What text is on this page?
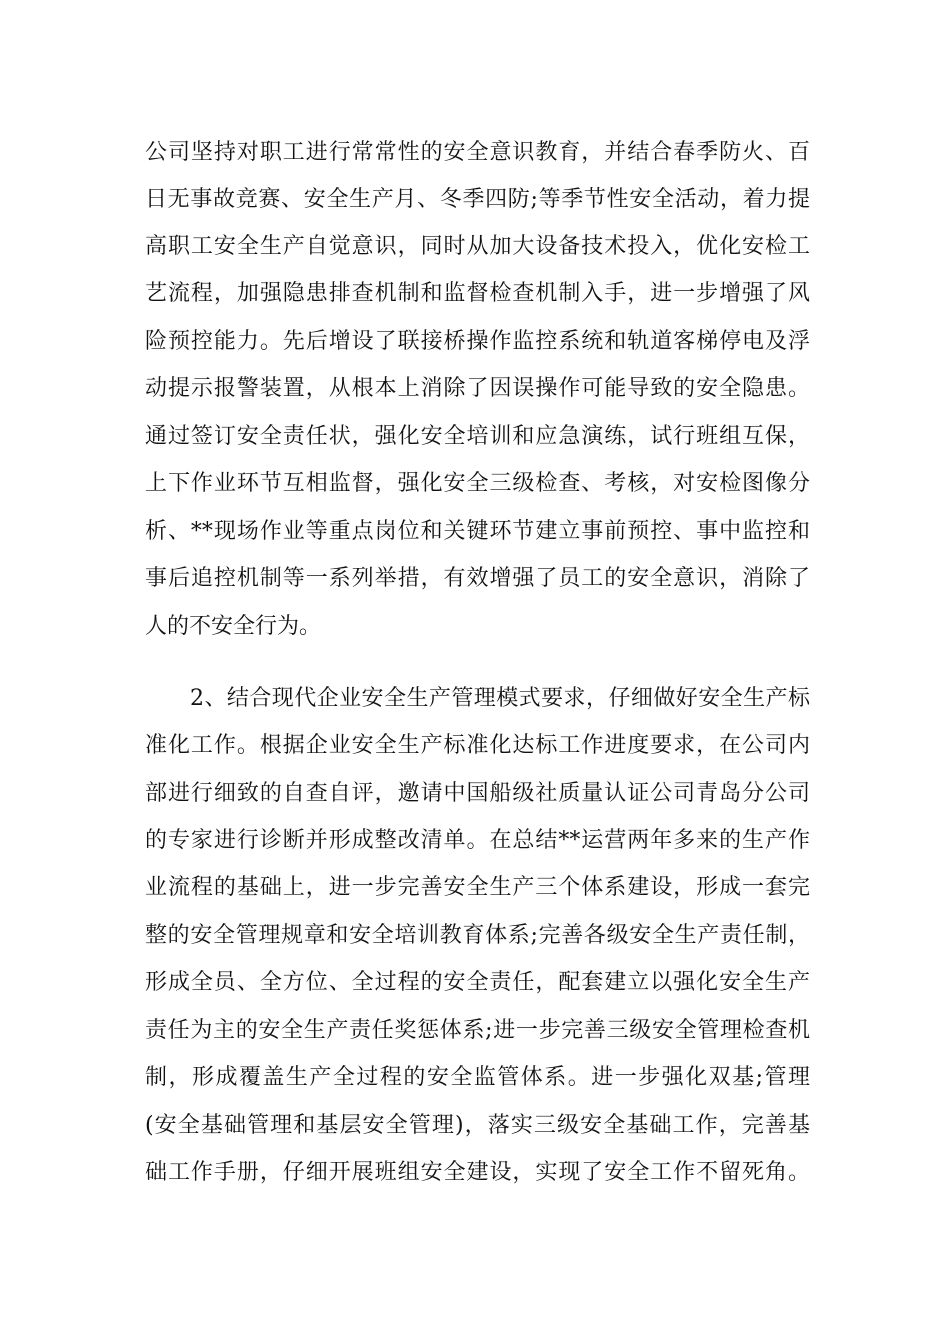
公司坚持对职工进行常常性的安全意识教育，并结合春季防火、百
日无事故竞赛、安全生产月、冬季四防;等季节性安全活动，着力提
高职工安全生产自觉意识，同时从加大设备技术投入，优化安检工
艺流程，加强隐患排查机制和监督检查机制入手，进一步增强了风
险预控能力。先后增设了联接桥操作监控系统和轨道客梯停电及浮
动提示报警装置，从根本上消除了因误操作可能导致的安全隐患。
通过签订安全责任状，强化安全培训和应急演练，试行班组互保，
上下作业环节互相监督，强化安全三级检查、考核，对安检图像分
析、**现场作业等重点岗位和关键环节建立事前预控、事中监控和
事后追控机制等一系列举措，有效增强了员工的安全意识，消除了
人的不安全行为。
2、结合现代企业安全生产管理模式要求，仔细做好安全生产标
准化工作。根据企业安全生产标准化达标工作进度要求，在公司内
部进行细致的自查自评，邀请中国船级社质量认证公司青岛分公司
的专家进行诊断并形成整改清单。在总结**运营两年多来的生产作
业流程的基础上，进一步完善安全生产三个体系建设，形成一套完
整的安全管理规章和安全培训教育体系;完善各级安全生产责任制，
形成全员、全方位、全过程的安全责任，配套建立以强化安全生产
责任为主的安全生产责任奖惩体系;进一步完善三级安全管理检查机
制，形成覆盖生产全过程的安全监管体系。进一步强化双基;管理
(安全基础管理和基层安全管理)，落实三级安全基础工作，完善基
础工作手册，仔细开展班组安全建设，实现了安全工作不留死角。
